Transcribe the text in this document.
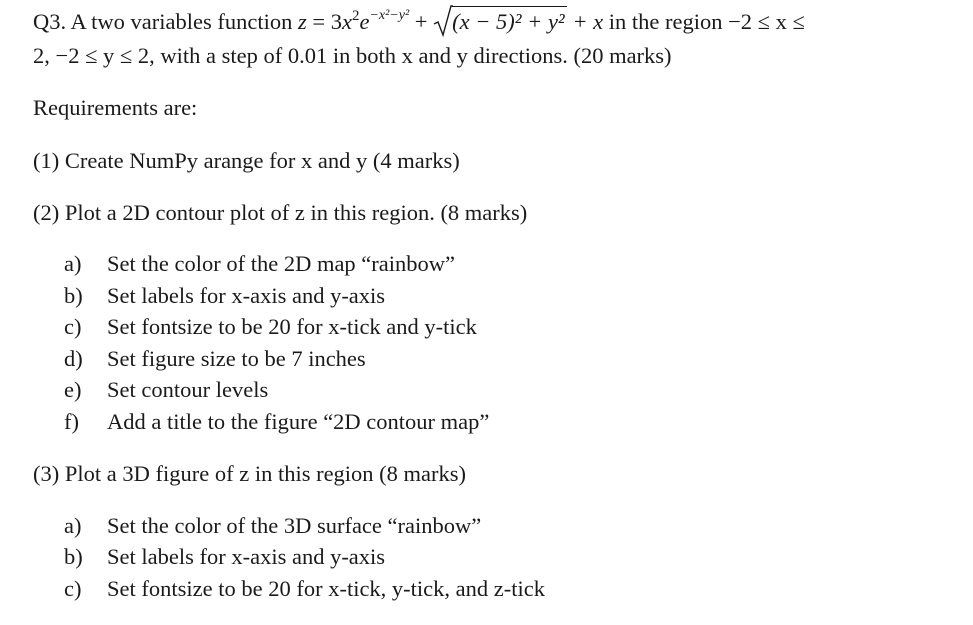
Q3. A two variables function $z = 3x^2e^{-x^2-y^2} + (x - 5)^2 + y^2 + x$ in the region −2 ≤ x ≤
2, −2 ≤ y ≤ 2, with a step of 0.01 in both x and y directions. (20 marks)
Requirements are:
(1) Create NumPy arange for x and y (4 marks)
(2) Plot a 2D contour plot of z in this region. (8 marks)
a) Set the color of the 2D map “rainbow”
b) Set labels for x-axis and y-axis
c) Set fontsize to be 20 for x-tick and y-tick
d) Set figure size to be 7 inches
e) Set contour levels
f) Add a title to the figure “2D contour map”
(3) Plot a 3D figure of z in this region (8 marks)
a) Set the color of the 3D surface “rainbow”
b) Set labels for x-axis and y-axis
c) Set fontsize to be 20 for x-tick, y-tick, and z-tick
